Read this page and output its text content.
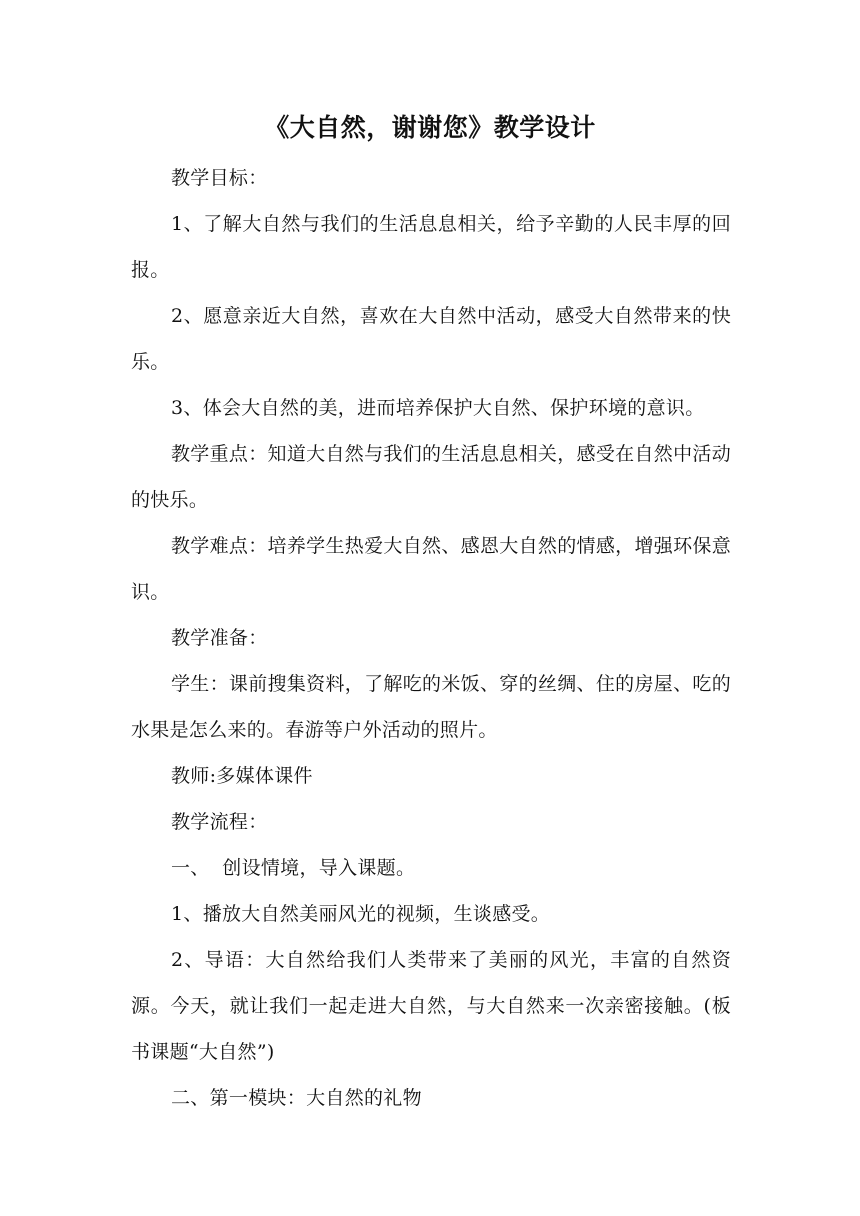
《大自然，谢谢您》教学设计

教学目标：

1、了解大自然与我们的生活息息相关，给予辛勤的人民丰厚的回报。

2、愿意亲近大自然，喜欢在大自然中活动，感受大自然带来的快乐。

3、体会大自然的美，进而培养保护大自然、保护环境的意识。

教学重点：知道大自然与我们的生活息息相关，感受在自然中活动的快乐。

教学难点：培养学生热爱大自然、感恩大自然的情感，增强环保意识。

教学准备：

学生：课前搜集资料，了解吃的米饭、穿的丝绸、住的房屋、吃的水果是怎么来的。春游等户外活动的照片。

教师:多媒体课件

教学流程：

一、  创设情境，导入课题。

1、播放大自然美丽风光的视频，生谈感受。

2、导语：大自然给我们人类带来了美丽的风光，丰富的自然资源。今天，就让我们一起走进大自然，与大自然来一次亲密接触。(板书课题“大自然”)

二、第一模块：大自然的礼物
